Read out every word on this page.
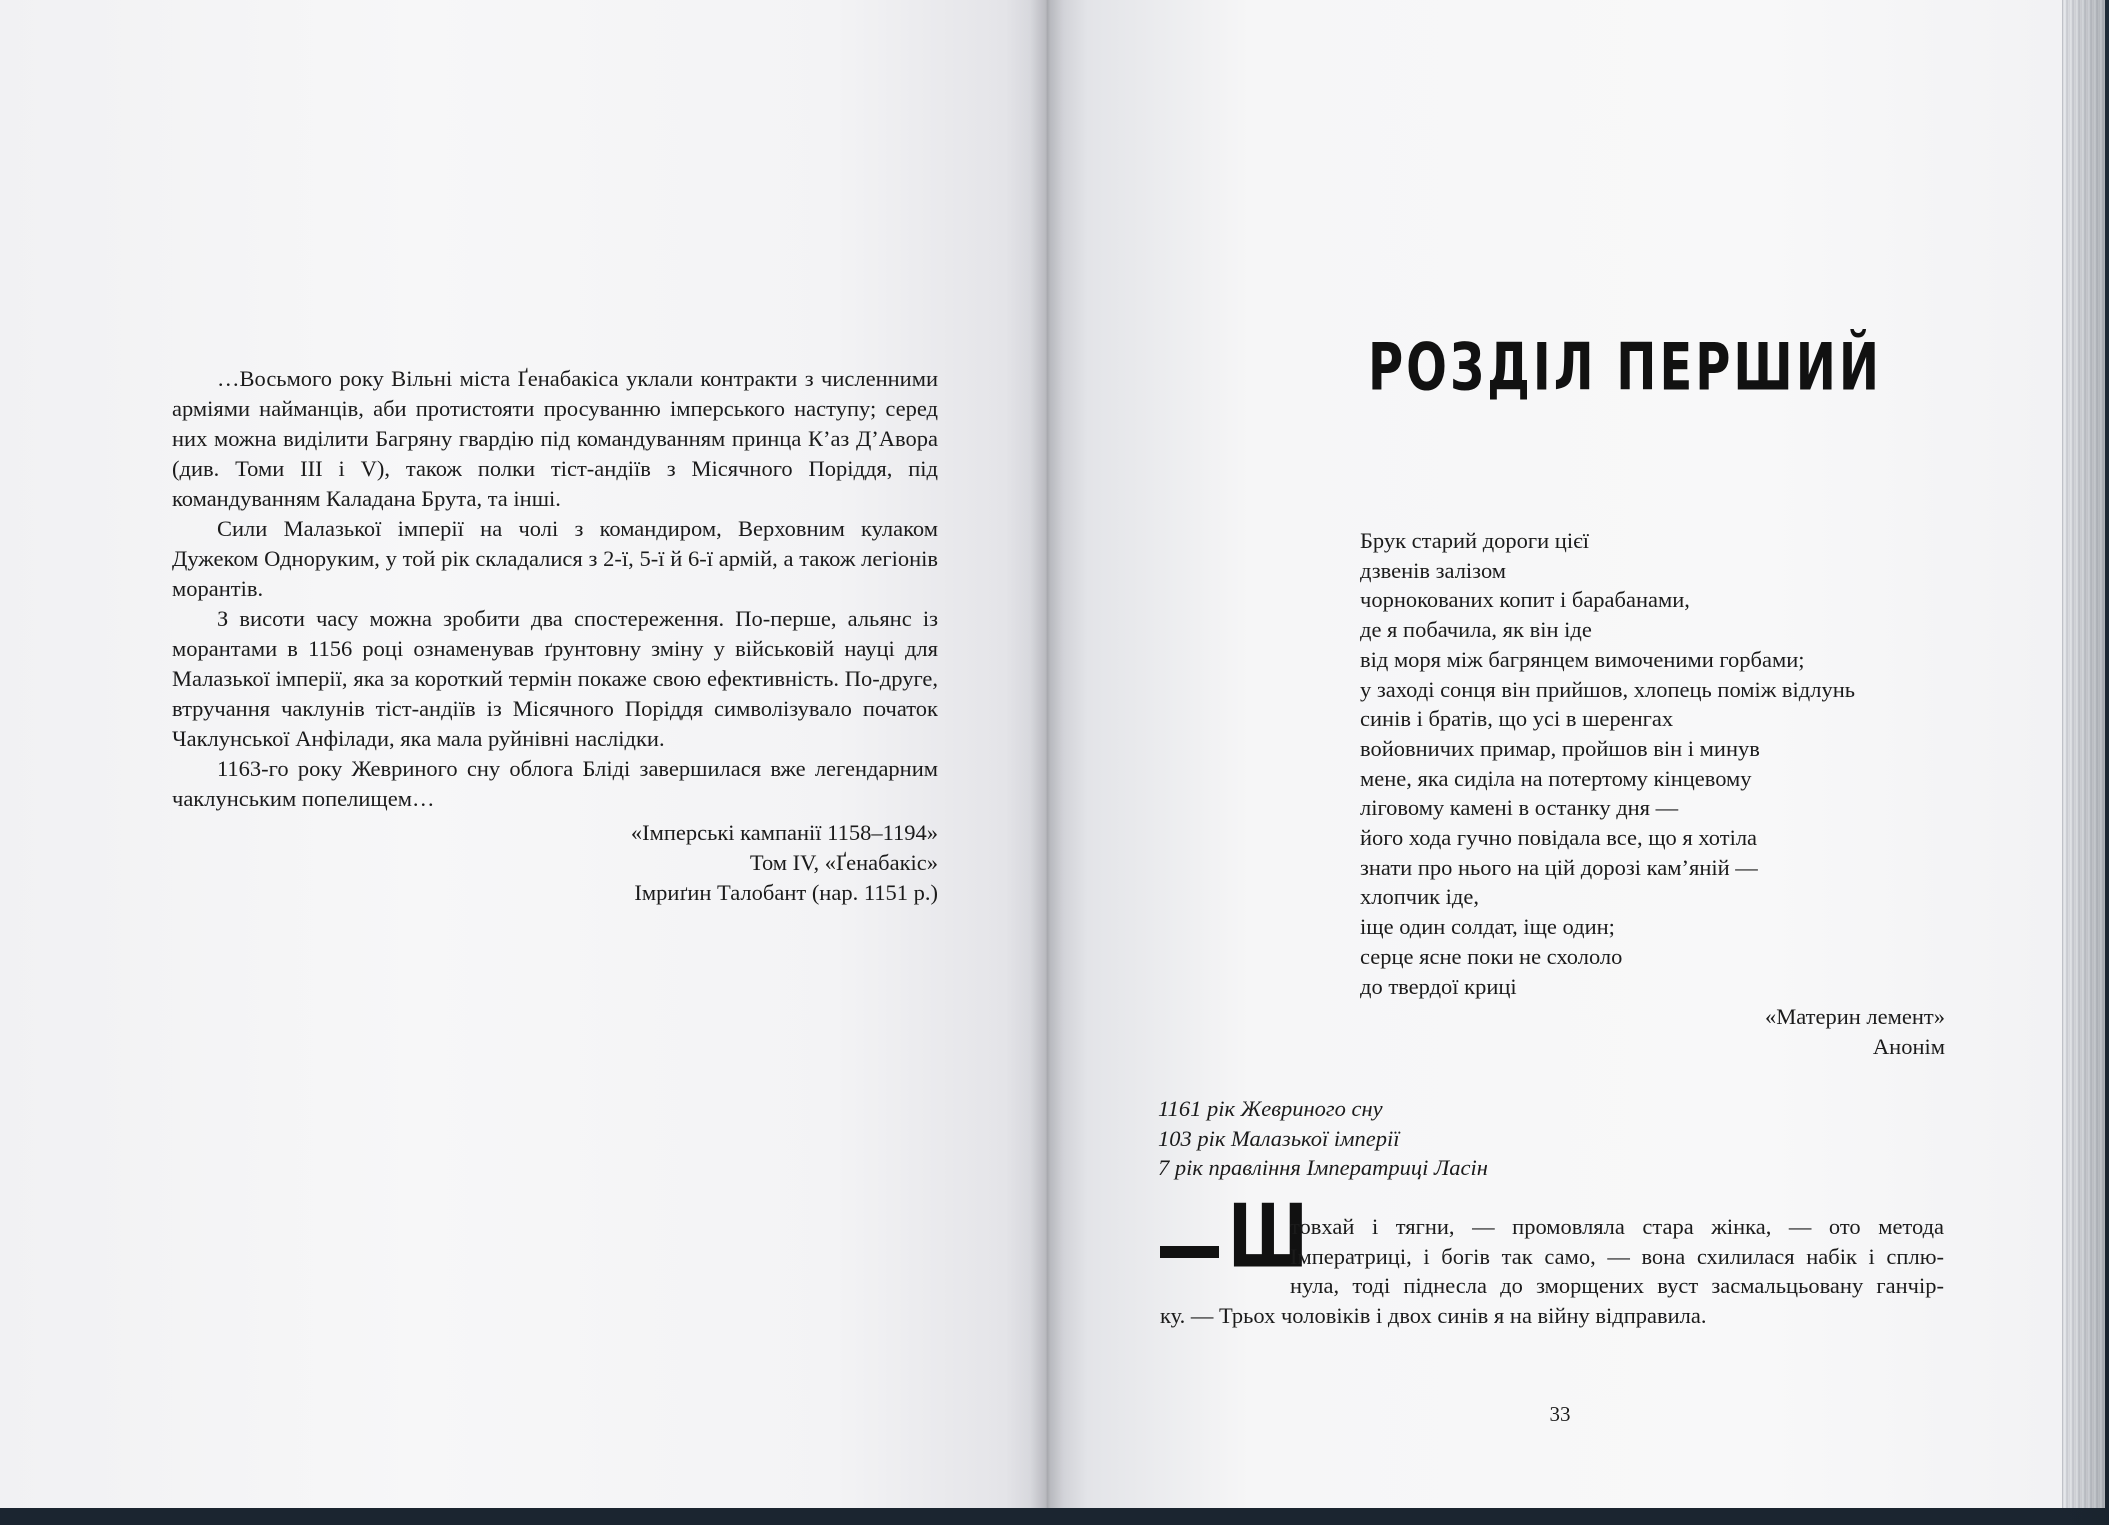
…Восьмого року Вільні міста Ґенабакіса уклали контракти з численними арміями найманців, аби протистояти просуванню імперського наступу; серед них можна виділити Багряну гвардію під командуванням принца К’аз Д’Авора (див. Томи III і V), також полки тіст-андіїв з Місячного Поріддя, під командуванням Каладана Брута, та інші.

Сили Малазької імперії на чолі з командиром, Верховним кулаком Дужеком Одноруким, у той рік складалися з 2-ї, 5-ї й 6-ї армій, а також легіонів морантів.

З висоти часу можна зробити два спостереження. По-перше, альянс із морантами в 1156 році ознаменував ґрунтовну зміну у військовій науці для Малазької імперії, яка за короткий термін покаже свою ефективність. По-друге, втручання чаклунів тіст-андіїв із Місячного Поріддя символізувало початок Чаклунської Анфілади, яка мала руйнівні наслідки.

1163-го року Жевриного сну облога Бліді завершилася вже легендарним чаклунським попелищем…

«Імперські кампанії 1158–1194»
Том IV, «Ґенабакіс»
Імриґин Талобант (нар. 1151 р.)
РОЗДІЛ ПЕРШИЙ
Брук старий дороги цієї
дзвенів залізом
чорнокованих копит і барабанами,
де я побачила, як він іде
від моря між багрянцем вимоченими горбами;
у заході сонця він прийшов, хлопець поміж відлунь
синів і братів, що усі в шеренгах
войовничих примар, пройшов він і минув
мене, яка сиділа на потертому кінцевому
ліговому камені в останку дня —
його хода гучно повідала все, що я хотіла
знати про нього на цій дорозі кам’яній —
хлопчик іде,
іще один солдат, іще один;
серце ясне поки не схололо
до твердої криці
«Материн лемент»
Анонім
1161 рік Жевриного сну
103 рік Малазької імперії
7 рік правління Імператриці Ласін
Ш
товхай і тягни, — промовляла стара жінка, — ото метода
Імператриці, і богів так само, — вона схилилася набік і сплю-
нула, тоді піднесла до зморщених вуст засмальцьовану ганчір-
ку. — Трьох чоловіків і двох синів я на війну відправила.
33
